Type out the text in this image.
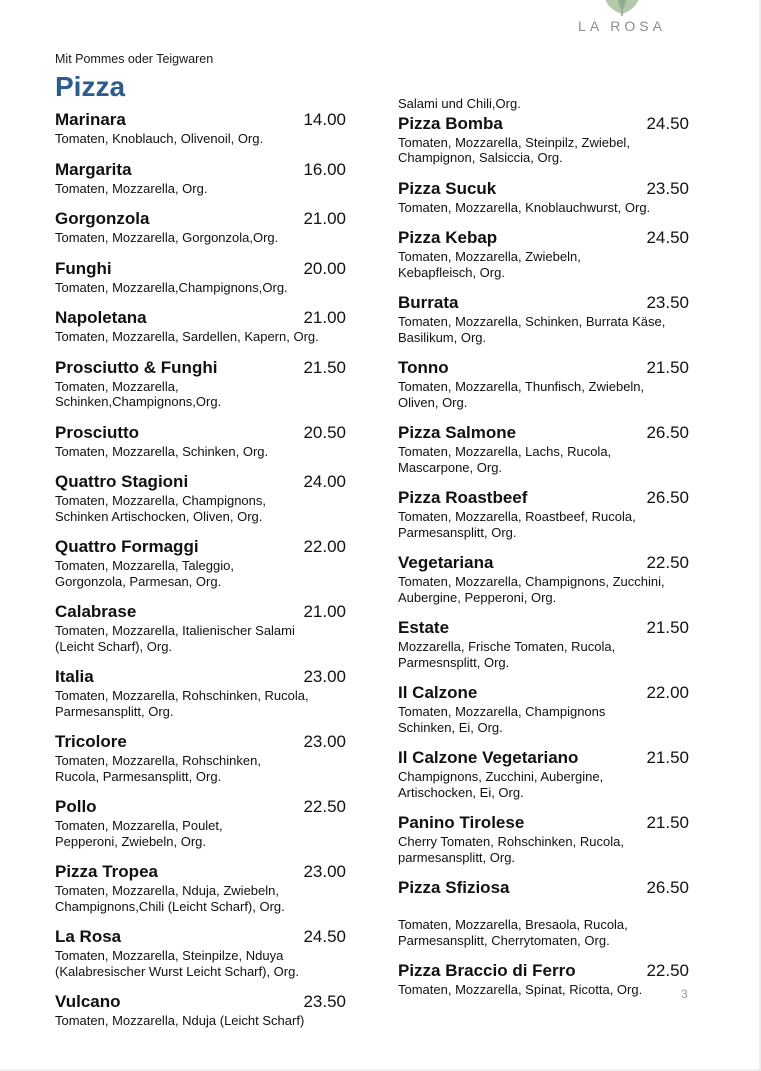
LA ROSA
Mit Pommes oder Teigwaren
Pizza
Marinara	14.00
Tomaten, Knoblauch, Olivenoil, Org.
Margarita	16.00
Tomaten, Mozzarella, Org.
Gorgonzola	21.00
Tomaten, Mozzarella, Gorgonzola,Org.
Funghi	20.00
Tomaten, Mozzarella,Champignons,Org.
Napoletana	21.00
Tomaten, Mozzarella, Sardellen, Kapern, Org.
Prosciutto & Funghi	21.50
Tomaten, Mozzarella, Schinken,Champignons,Org.
Prosciutto	20.50
Tomaten, Mozzarella, Schinken, Org.
Quattro Stagioni	24.00
Tomaten, Mozzarella, Champignons,
Schinken Artischocken, Oliven, Org.
Quattro Formaggi	22.00
Tomaten, Mozzarella, Taleggio,
Gorgonzola, Parmesan, Org.
Calabrase	21.00
Tomaten, Mozzarella, Italienischer Salami
(Leicht Scharf), Org.
Italia	23.00
Tomaten, Mozzarella, Rohschinken, Rucola,
Parmesansplitt, Org.
Tricolore	23.00
Tomaten, Mozzarella, Rohschinken,
Rucola, Parmesansplitt, Org.
Pollo	22.50
Tomaten, Mozzarella, Poulet,
Pepperoni, Zwiebeln, Org.
Pizza Tropea	23.00
Tomaten, Mozzarella, Nduja, Zwiebeln,
Champignons,Chili (Leicht Scharf), Org.
La Rosa	24.50
Tomaten, Mozzarella, Steinpilze, Nduya
(Kalabresischer Wurst Leicht Scharf), Org.
Vulcano	23.50
Tomaten, Mozzarella, Nduja (Leicht Scharf)
Salami und Chili,Org.
Pizza Bomba	24.50
Tomaten, Mozzarella, Steinpilz, Zwiebel,
Champignon, Salsiccia, Org.
Pizza Sucuk	23.50
Tomaten, Mozzarella, Knoblauchwurst, Org.
Pizza Kebap	24.50
Tomaten, Mozzarella, Zwiebeln,
Kebapfleisch, Org.
Burrata	23.50
Tomaten, Mozzarella, Schinken, Burrata Käse,
Basilikum, Org.
Tonno	21.50
Tomaten, Mozzarella, Thunfisch, Zwiebeln,
Oliven, Org.
Pizza Salmone	26.50
Tomaten, Mozzarella, Lachs, Rucola,
Mascarpone, Org.
Pizza Roastbeef	26.50
Tomaten, Mozzarella, Roastbeef, Rucola,
Parmesansplitt, Org.
Vegetariana	22.50
Tomaten, Mozzarella, Champignons, Zucchini,
Aubergine, Pepperoni, Org.
Estate	21.50
Mozzarella, Frische Tomaten, Rucola,
Parmesnsplitt, Org.
Il Calzone	22.00
Tomaten, Mozzarella, Champignons
Schinken, Ei, Org.
Il Calzone Vegetariano	21.50
Champignons, Zucchini, Aubergine,
Artischocken, Ei, Org.
Panino Tirolese	21.50
Cherry Tomaten, Rohschinken, Rucola,
parmesansplitt, Org.
Pizza Sfiziosa	26.50
Tomaten, Mozzarella, Bresaola, Rucola,
Parmesansplitt, Cherrytomaten, Org.
Pizza Braccio di Ferro	22.50
Tomaten, Mozzarella, Spinat, Ricotta, Org.	3
